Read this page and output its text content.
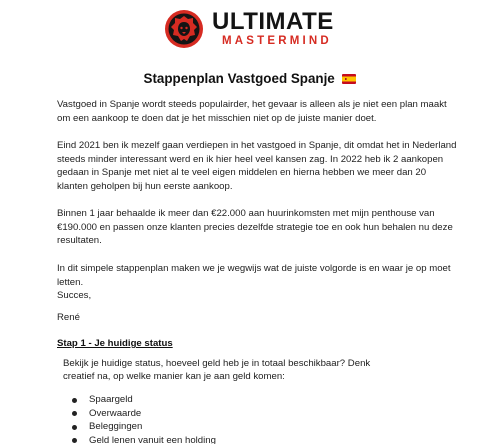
ULTIMATE
MASTERMIND
Stappenplan Vastgoed Spanje

Vastgoed in Spanje wordt steeds populairder, het gevaar is alleen als je niet een plan maakt om een aankoop te doen dat je het misschien niet op de juiste manier doet.

Eind 2021 ben ik mezelf gaan verdiepen in het vastgoed in Spanje, dit omdat het in Nederland steeds minder interessant werd en ik hier heel veel kansen zag. In 2022 heb ik 2 aankopen gedaan in Spanje met niet al te veel eigen middelen en hierna hebben we meer dan 20 klanten geholpen bij hun eerste aankoop.

Binnen 1 jaar behaalde ik meer dan €22.000 aan huurinkomsten met mijn penthouse van €190.000 en passen onze klanten precies dezelfde strategie toe en ook hun behalen nu deze resultaten.

In dit simpele stappenplan maken we je wegwijs wat de juiste volgorde is en waar je op moet letten.

Succes,

René

Stap 1 - Je huidige status
Bekijk je huidige status, hoeveel geld heb je in totaal beschikbaar? Denk creatief na, op welke manier kan je aan geld komen:
Spaargeld
Overwaarde
Beleggingen
Geld lenen vanuit een holding
